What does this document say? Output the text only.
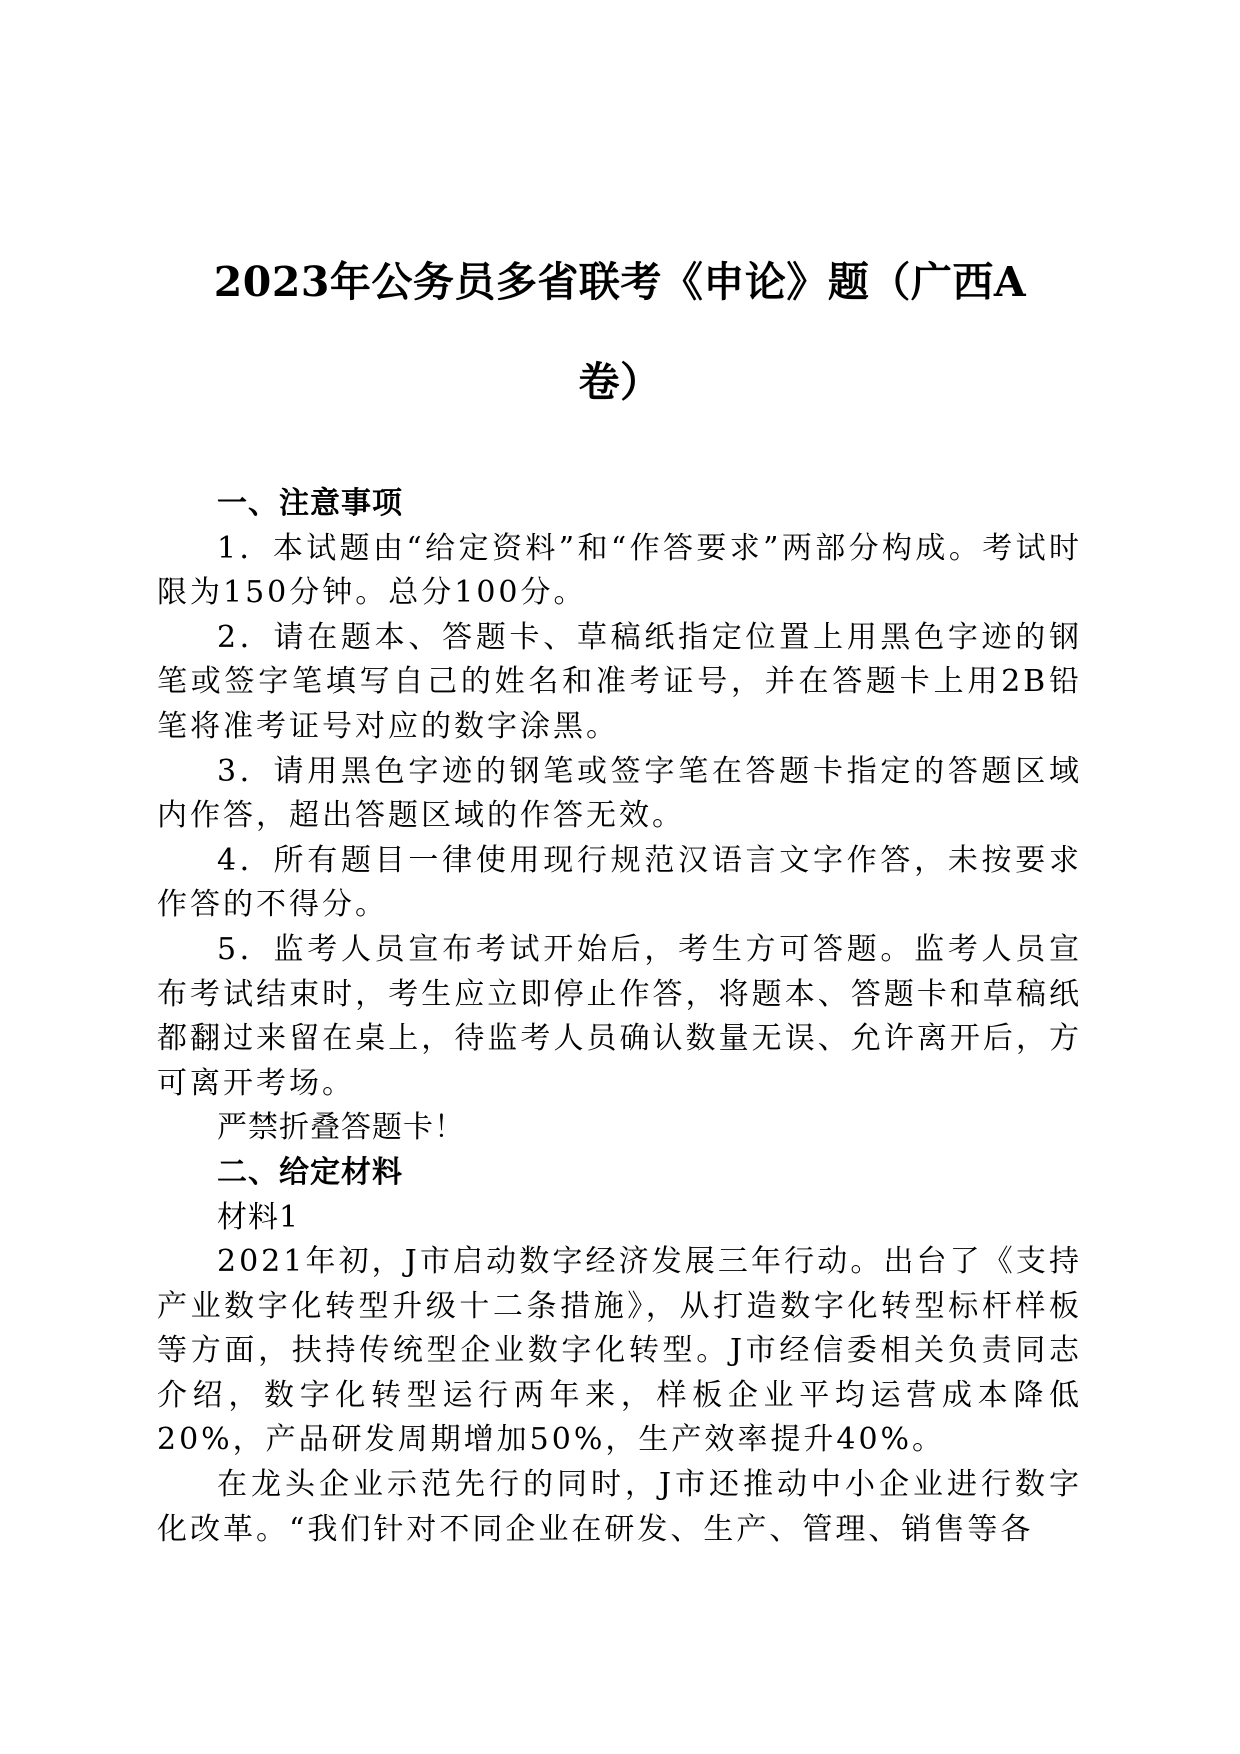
2023年公务员多省联考《申论》题（广西A
卷）

一、注意事项

1．本试题由“给定资料”和“作答要求”两部分构成。考试时限为150分钟。总分100分。

2．请在题本、答题卡、草稿纸指定位置上用黑色字迹的钢笔或签字笔填写自己的姓名和准考证号，并在答题卡上用2B铅笔将准考证号对应的数字涂黑。

3．请用黑色字迹的钢笔或签字笔在答题卡指定的答题区域内作答，超出答题区域的作答无效。

4．所有题目一律使用现行规范汉语言文字作答，未按要求作答的不得分。

5．监考人员宣布考试开始后，考生方可答题。监考人员宣布考试结束时，考生应立即停止作答，将题本、答题卡和草稿纸都翻过来留在桌上，待监考人员确认数量无误、允许离开后，方可离开考场。

严禁折叠答题卡！

二、给定材料

材料1

2021年初，J市启动数字经济发展三年行动。出台了《支持产业数字化转型升级十二条措施》，从打造数字化转型标杆样板等方面，扶持传统型企业数字化转型。J市经信委相关负责同志介绍，数字化转型运行两年来，样板企业平均运营成本降低20%，产品研发周期增加50%，生产效率提升40%。

在龙头企业示范先行的同时，J市还推动中小企业进行数字化改革。“我们针对不同企业在研发、生产、管理、销售等各
